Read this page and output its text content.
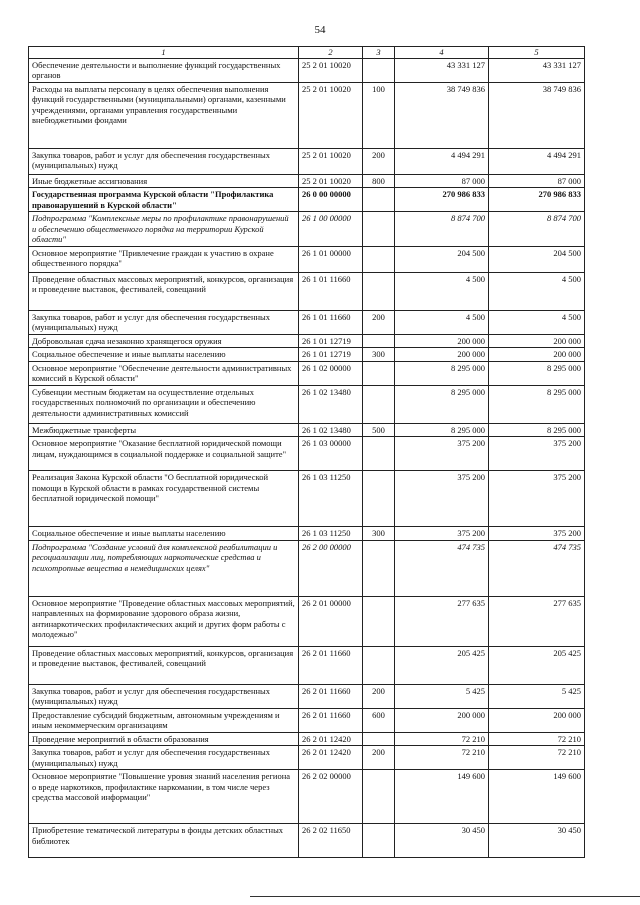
54
1	2	3	4	5
Обеспечение деятельности и выполнение функций государственных органов	25 2 01 10020		43 331 127	43 331 127
Расходы на выплаты персоналу в целях обеспечения выполнения функций государственными (муниципальными) органами, казенными учреждениями, органами управления государственными внебюджетными фондами	25 2 01 10020	100	38 749 836	38 749 836
Закупка товаров, работ и услуг для обеспечения государственных (муниципальных) нужд	25 2 01 10020	200	4 494 291	4 494 291
Иные бюджетные ассигнования	25 2 01 10020	800	87 000	87 000
Государственная программа Курской области "Профилактика правонарушений в Курской области"	26 0 00 00000		270 986 833	270 986 833
Подпрограмма "Комплексные меры по профилактике правонарушений и обеспечению общественного порядка на территории Курской области"	26 1 00 00000		8 874 700	8 874 700
Основное мероприятие "Привлечение граждан к участию в охране общественного порядка"	26 1 01 00000		204 500	204 500
Проведение областных массовых мероприятий, конкурсов, организация и проведение выставок, фестивалей, совещаний	26 1 01 11660		4 500	4 500
Закупка товаров, работ и услуг для обеспечения государственных (муниципальных) нужд	26 1 01 11660	200	4 500	4 500
Добровольная сдача незаконно хранящегося оружия	26 1 01 12719		200 000	200 000
Социальное обеспечение и иные выплаты населению	26 1 01 12719	300	200 000	200 000
Основное мероприятие "Обеспечение деятельности административных комиссий в Курской области"	26 1 02 00000		8 295 000	8 295 000
Субвенции местным бюджетам на осуществление отдельных государственных полномочий по организации и обеспечению деятельности административных комиссий	26 1 02 13480		8 295 000	8 295 000
Межбюджетные трансферты	26 1 02 13480	500	8 295 000	8 295 000
Основное мероприятие "Оказание бесплатной юридической помощи лицам, нуждающимся в социальной поддержке и социальной защите"	26 1 03 00000		375 200	375 200
Реализация Закона Курской области "О бесплатной юридической помощи в Курской области в рамках государственной системы бесплатной юридической помощи"	26 1 03 11250		375 200	375 200
Социальное обеспечение и иные выплаты населению	26 1 03 11250	300	375 200	375 200
Подпрограмма "Создание условий для комплексной реабилитации и ресоциализации лиц, потребляющих наркотические средства и психотропные вещества в немедицинских целях"	26 2 00 00000		474 735	474 735
Основное мероприятие "Проведение областных массовых мероприятий, направленных на формирование здорового образа жизни, антинаркотических профилактических акций и других форм работы с молодежью"	26 2 01 00000		277 635	277 635
Проведение областных массовых мероприятий, конкурсов, организация и проведение выставок, фестивалей, совещаний	26 2 01 11660		205 425	205 425
Закупка товаров, работ и услуг для обеспечения государственных (муниципальных) нужд	26 2 01 11660	200	5 425	5 425
Предоставление субсидий бюджетным, автономным учреждениям и иным некоммерческим организациям	26 2 01 11660	600	200 000	200 000
Проведение мероприятий в области образования	26 2 01 12420		72 210	72 210
Закупка товаров, работ и услуг для обеспечения государственных (муниципальных) нужд	26 2 01 12420	200	72 210	72 210
Основное мероприятие "Повышение уровня знаний населения региона о вреде наркотиков, профилактике наркомании, в том числе через средства массовой информации"	26 2 02 00000		149 600	149 600
Приобретение тематической литературы в фонды детских областных библиотек	26 2 02 11650		30 450	30 450
